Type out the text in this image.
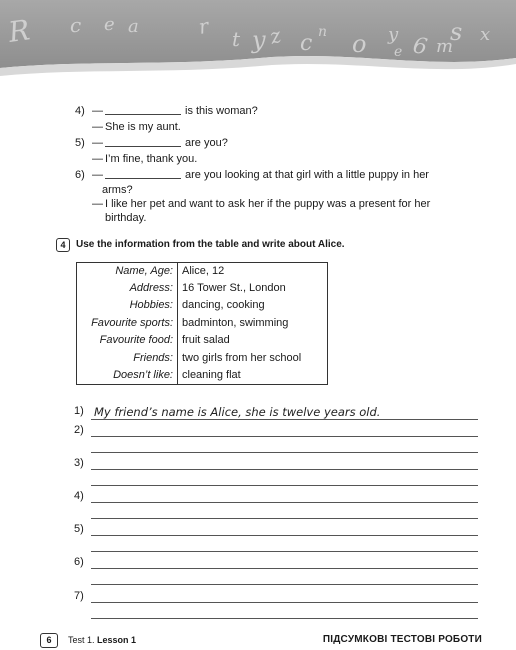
R c e a	r
t y z c n o y
e 6 m
s x
4) —	is this woman?
— She is my aunt.
5) —	are you?
— I’m fine, thank you.
6) —	are you looking at that girl with a little puppy in her
arms?
— I like her pet and want to ask her if the puppy was a present for her
birthday.
4	Use the information from the table and write about Alice.
Name, Age:	Alice, 12
Address:	16 Tower St., London
Hobbies:	dancing, cooking
Favourite sports:	badminton, swimming
Favourite food:	fruit salad
Friends:	two girls from her school
Doesn’t like:	cleaning flat
1) My friend’s name is Alice, she is twelve years old.
2)
3)
4)
5)
6)
7)
6	Test 1. Lesson 1	ПІДСУМКОВІ ТЕСТОВІ РОБОТИ
